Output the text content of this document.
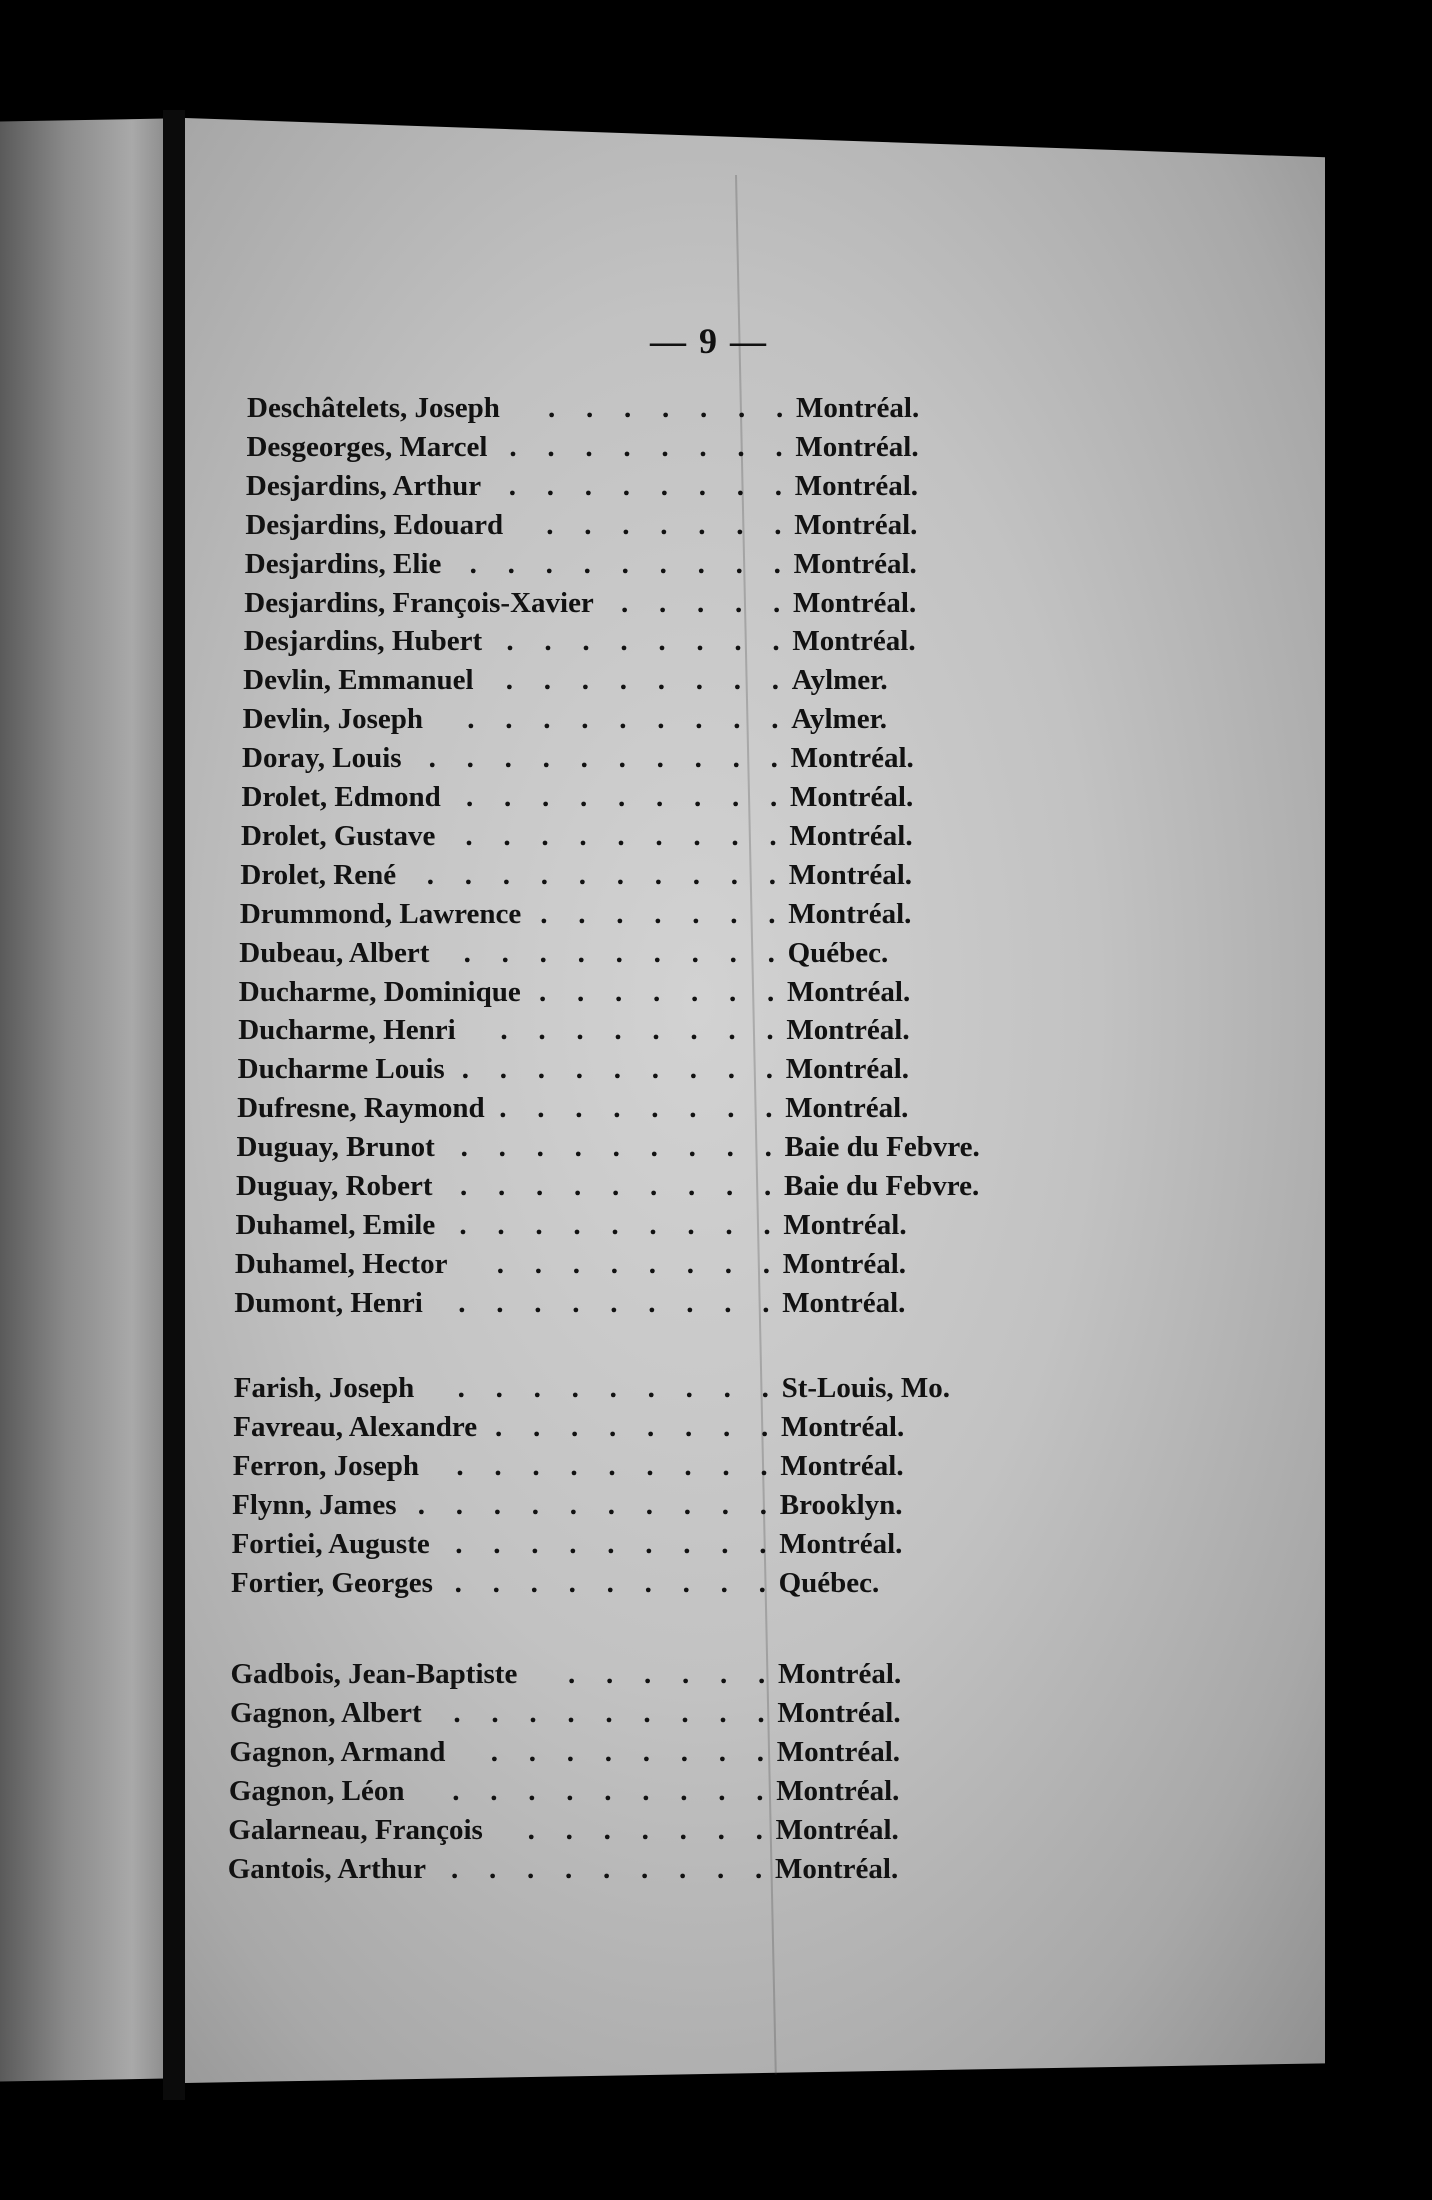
— 9 —
Deschâtelets, Joseph	Montréal.
.
.
.
.
.
.
.
Desgeorges, Marcel	Montréal.
.
.
.
.
.
.
.
.
Desjardins, Arthur	Montréal.
.
.
.
.
.
.
.
.
Desjardins, Edouard	Montréal.
.
.
.
.
.
.
.
Desjardins, Elie	Montréal.
.
.
.
.
.
.
.
.
.
Desjardins, François-Xavier	Montréal.
.
.
.
.
.
Desjardins, Hubert	Montréal.
.
.
.
.
.
.
.
.
Devlin, Emmanuel	Aylmer.
.
.
.
.
.
.
.
.
Devlin, Joseph	Aylmer.
.
.
.
.
.
.
.
.
.
Doray, Louis	Montréal.
.
.
.
.
.
.
.
.
.
.
Drolet, Edmond	Montréal.
.
.
.
.
.
.
.
.
.
Drolet, Gustave	Montréal.
.
.
.
.
.
.
.
.
.
Drolet, René	Montréal.
.
.
.
.
.
.
.
.
.
.
Drummond, Lawrence	Montréal.
.
.
.
.
.
.
.
Dubeau, Albert	Québec.
.
.
.
.
.
.
.
.
.
Ducharme, Dominique	Montréal.
.
.
.
.
.
.
.
Ducharme, Henri	Montréal.
.
.
.
.
.
.
.
.
Ducharme Louis	Montréal.
.
.
.
.
.
.
.
.
.
Dufresne, Raymond	Montréal.
.
.
.
.
.
.
.
.
Duguay, Brunot	Baie du Febvre.
.
.
.
.
.
.
.
.
.
Duguay, Robert	Baie du Febvre.
.
.
.
.
.
.
.
.
.
Duhamel, Emile	Montréal.
.
.
.
.
.
.
.
.
.
Duhamel, Hector	Montréal.
.
.
.
.
.
.
.
.
Dumont, Henri	Montréal.
.
.
.
.
.
.
.
.
.
Farish, Joseph	St-Louis, Mo.
.
.
.
.
.
.
.
.
.
Favreau, Alexandre	Montréal.
.
.
.
.
.
.
.
.
Ferron, Joseph	Montréal.
.
.
.
.
.
.
.
.
.
Flynn, James	Brooklyn.
.
.
.
.
.
.
.
.
.
.
Fortiei, Auguste	Montréal.
.
.
.
.
.
.
.
.
.
Fortier, Georges	Québec.
.
.
.
.
.
.
.
.
.
Gadbois, Jean-Baptiste	Montréal.
.
.
.
.
.
.
Gagnon, Albert	Montréal.
.
.
.
.
.
.
.
.
.
Gagnon, Armand	Montréal.
.
.
.
.
.
.
.
.
Gagnon, Léon	Montréal.
.
.
.
.
.
.
.
.
.
Galarneau, François	Montréal.
.
.
.
.
.
.
.
Gantois, Arthur	Montréal.
.
.
.
.
.
.
.
.
.
